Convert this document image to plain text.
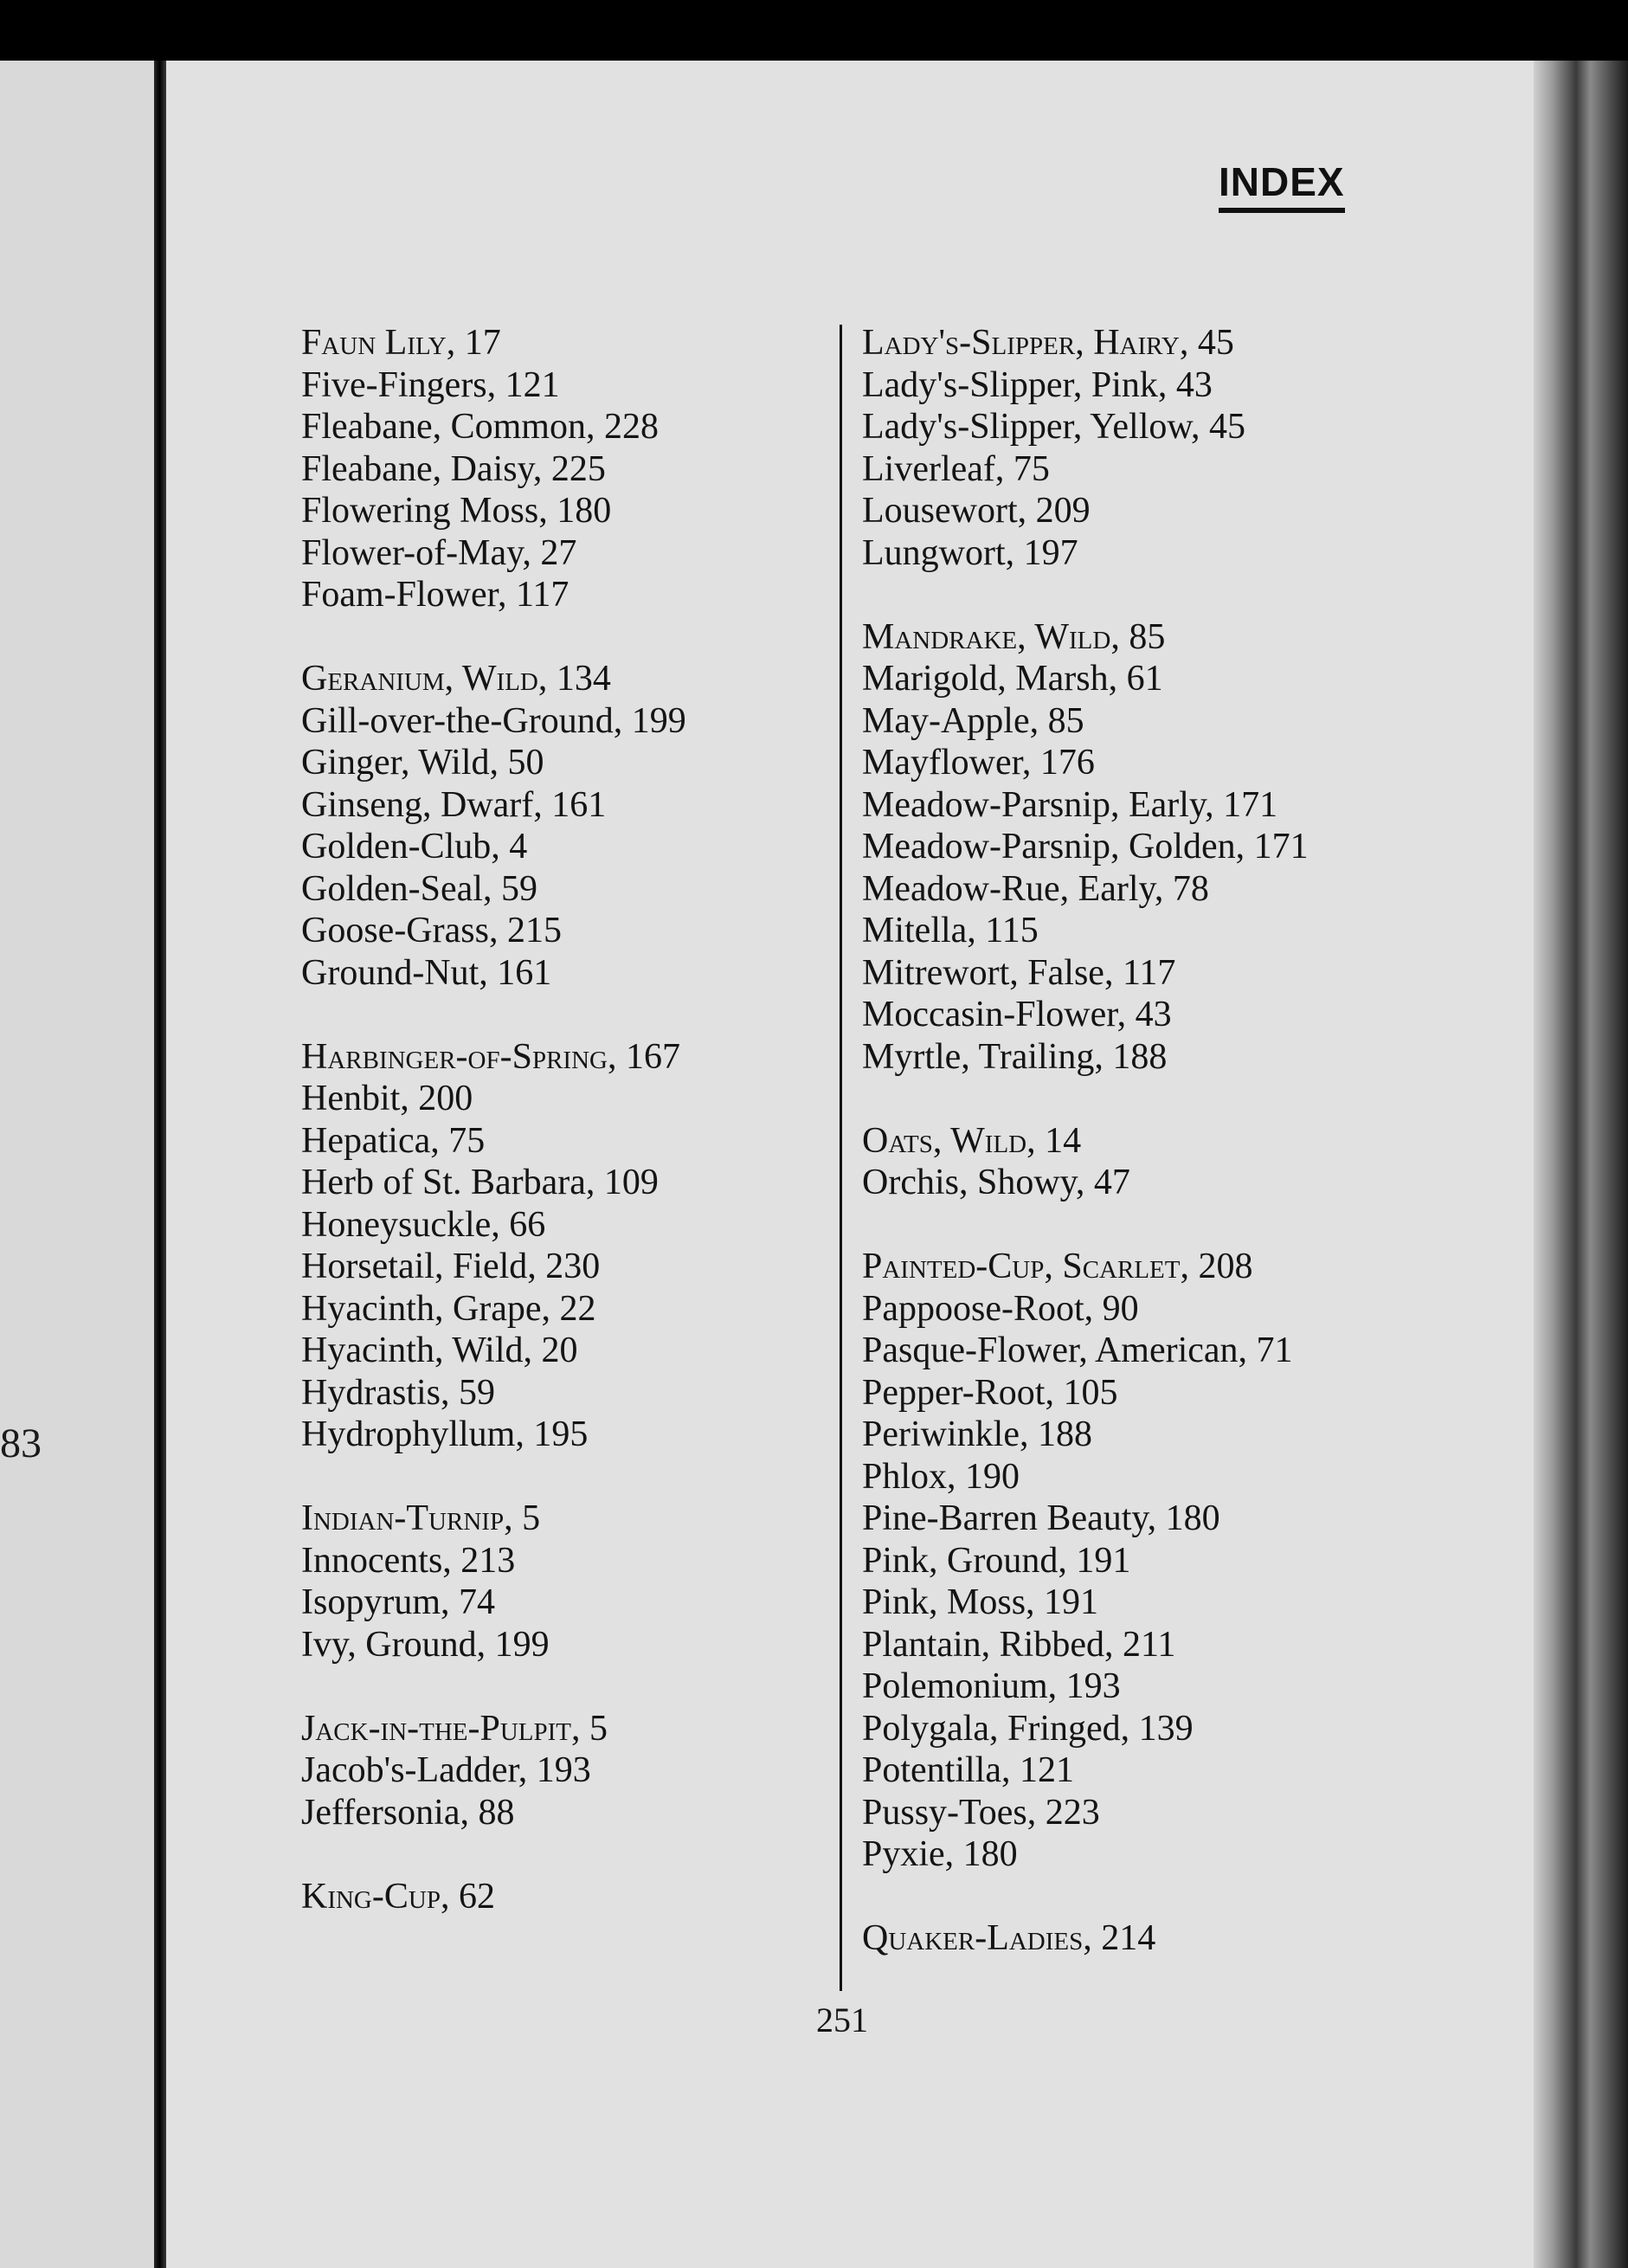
83
INDEX
Faun Lily, 17
Five-Fingers, 121
Fleabane, Common, 228
Fleabane, Daisy, 225
Flowering Moss, 180
Flower-of-May, 27
Foam-Flower, 117
Geranium, Wild, 134
Gill-over-the-Ground, 199
Ginger, Wild, 50
Ginseng, Dwarf, 161
Golden-Club, 4
Golden-Seal, 59
Goose-Grass, 215
Ground-Nut, 161
Harbinger-of-Spring, 167
Henbit, 200
Hepatica, 75
Herb of St. Barbara, 109
Honeysuckle, 66
Horsetail, Field, 230
Hyacinth, Grape, 22
Hyacinth, Wild, 20
Hydrastis, 59
Hydrophyllum, 195
Indian-Turnip, 5
Innocents, 213
Isopyrum, 74
Ivy, Ground, 199
Jack-in-the-Pulpit, 5
Jacob's-Ladder, 193
Jeffersonia, 88
King-Cup, 62
Lady's-Slipper, Hairy, 45
Lady's-Slipper, Pink, 43
Lady's-Slipper, Yellow, 45
Liverleaf, 75
Lousewort, 209
Lungwort, 197
Mandrake, Wild, 85
Marigold, Marsh, 61
May-Apple, 85
Mayflower, 176
Meadow-Parsnip, Early, 171
Meadow-Parsnip, Golden, 171
Meadow-Rue, Early, 78
Mitella, 115
Mitrewort, False, 117
Moccasin-Flower, 43
Myrtle, Trailing, 188
Oats, Wild, 14
Orchis, Showy, 47
Painted-Cup, Scarlet, 208
Pappoose-Root, 90
Pasque-Flower, American, 71
Pepper-Root, 105
Periwinkle, 188
Phlox, 190
Pine-Barren Beauty, 180
Pink, Ground, 191
Pink, Moss, 191
Plantain, Ribbed, 211
Polemonium, 193
Polygala, Fringed, 139
Potentilla, 121
Pussy-Toes, 223
Pyxie, 180
Quaker-Ladies, 214
251
